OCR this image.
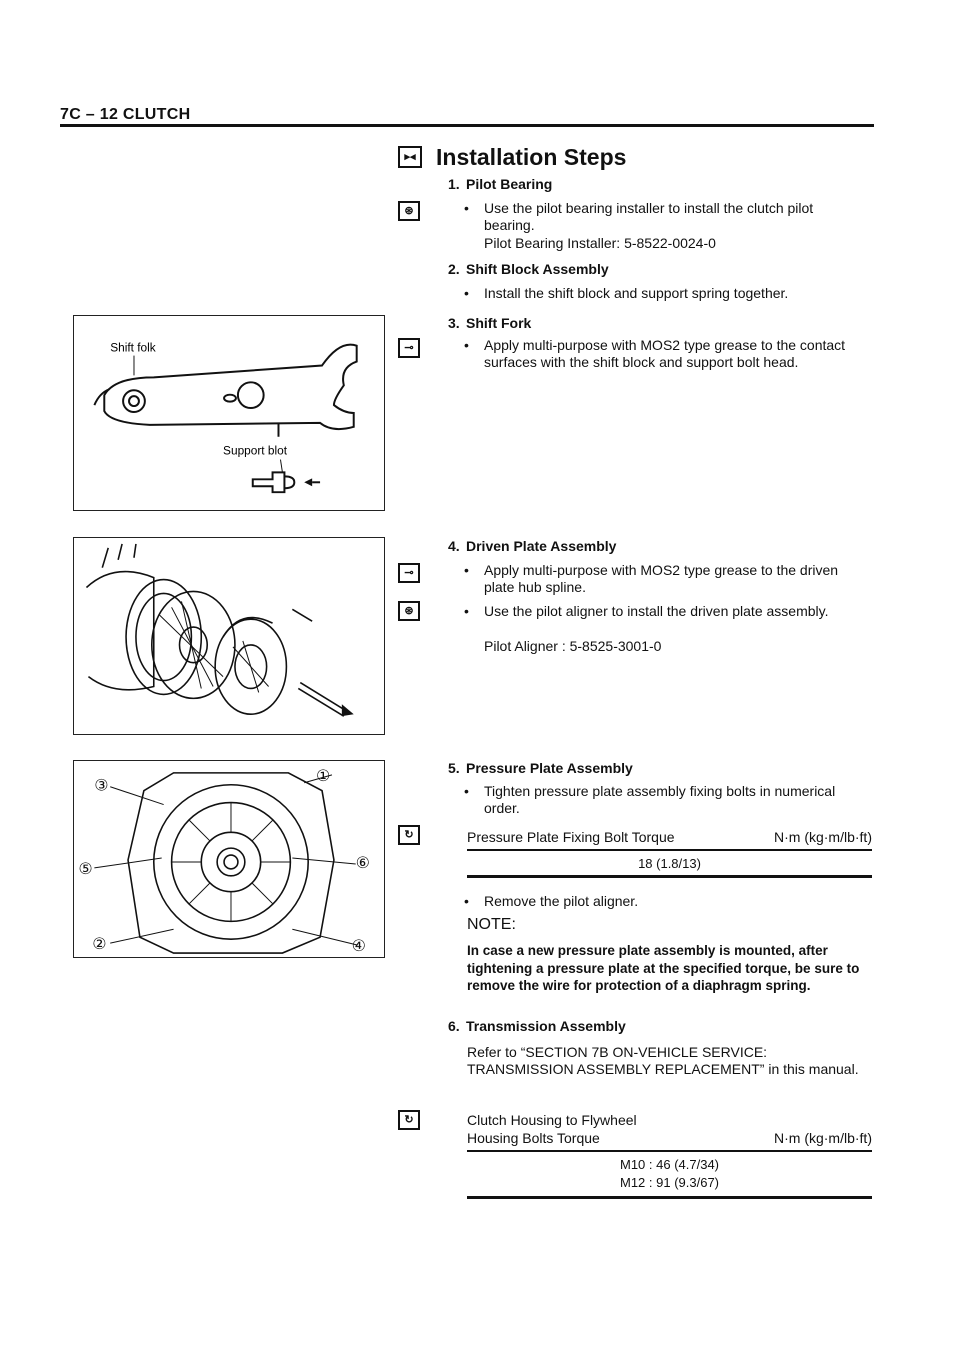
7C – 12 CLUTCH
▸◂ Installation Steps
1. Pilot Bearing
⊛	• Use the pilot bearing installer to install the clutch pilot bearing.
Pilot Bearing Installer: 5-8522-0024-0
2. Shift Block Assembly
• Install the shift block and support spring together.
3. Shift Fork
⊸	• Apply multi-purpose with MOS2 type grease to the contact surfaces with the shift block and support bolt head.
4. Driven Plate Assembly
⊸	• Apply multi-purpose with MOS2 type grease to the driven plate hub spline.
⊛	• Use the pilot aligner to install the driven plate assembly.
Pilot Aligner : 5-8525-3001-0
5. Pressure Plate Assembly
• Tighten pressure plate assembly fixing bolts in numerical order.
↻	Pressure Plate Fixing Bolt Torque	N·m (kg·m/lb·ft)
18 (1.8/13)
• Remove the pilot aligner.
NOTE:
In case a new pressure plate assembly is mounted, after tightening a pressure plate at the specified torque, be sure to remove the wire for protection of a diaphragm spring.
6. Transmission Assembly
Refer to “SECTION 7B ON-VEHICLE SERVICE: TRANSMISSION ASSEMBLY REPLACEMENT” in this manual.
↻	Clutch Housing to Flywheel
Housing Bolts Torque	N·m (kg·m/lb·ft)
M10 : 46 (4.7/34)
M12 : 91 (9.3/67)
Shift folk
Support blot
①
②
③
④
⑤	⑥
